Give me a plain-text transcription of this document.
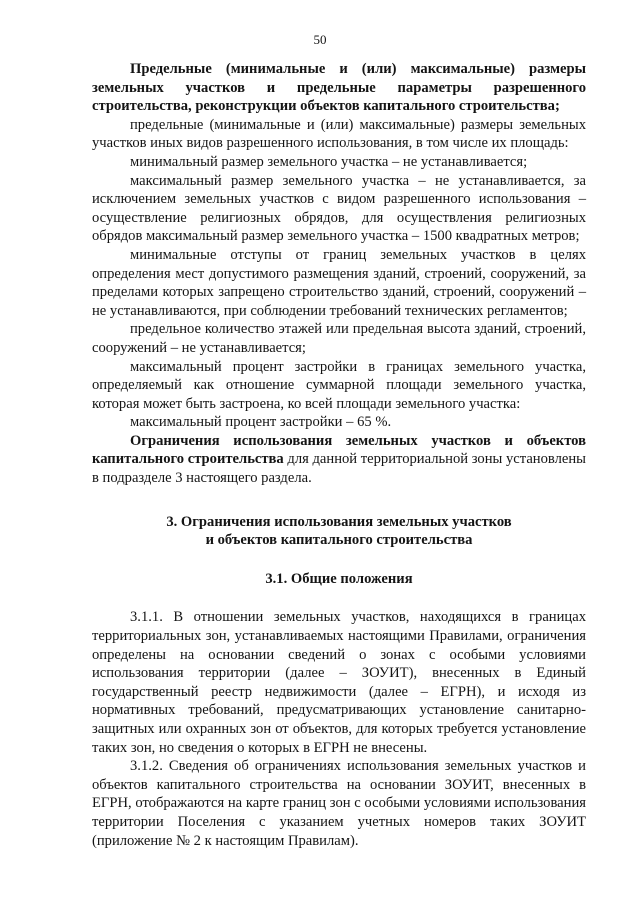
50

Предельные (минимальные и (или) максимальные) размеры земельных участков и предельные параметры разрешенного строительства, реконструкции объектов капитального строительства;

предельные (минимальные и (или) максимальные) размеры земельных участков иных видов разрешенного использования, в том числе их площадь:

минимальный размер земельного участка – не устанавливается;

максимальный размер земельного участка – не устанавливается, за исключением земельных участков с видом разрешенного использования – осуществление религиозных обрядов, для осуществления религиозных обрядов максимальный размер земельного участка – 1500 квадратных метров;

минимальные отступы от границ земельных участков в целях определения мест допустимого размещения зданий, строений, сооружений, за пределами которых запрещено строительство зданий, строений, сооружений – не устанавливаются, при соблюдении требований технических регламентов;

предельное количество этажей или предельная высота зданий, строений, сооружений – не устанавливается;

максимальный процент застройки в границах земельного участка, определяемый как отношение суммарной площади земельного участка, которая может быть застроена, ко всей площади земельного участка:

максимальный процент застройки – 65 %.

Ограничения использования земельных участков и объектов капитального строительства для данной территориальной зоны установлены в подразделе 3 настоящего раздела.

3. Ограничения использования земельных участков
и объектов капитального строительства

3.1. Общие положения

3.1.1. В отношении земельных участков, находящихся в границах территориальных зон, устанавливаемых настоящими Правилами, ограничения определены на основании сведений о зонах с особыми условиями использования территории (далее – ЗОУИТ), внесенных в Единый государственный реестр недвижимости (далее – ЕГРН), и исходя из нормативных требований, предусматривающих установление санитарно-защитных или охранных зон от объектов, для которых требуется установление таких зон, но сведения о которых в ЕГРН не внесены.

3.1.2. Сведения об ограничениях использования земельных участков и объектов капитального строительства на основании ЗОУИТ, внесенных в ЕГРН, отображаются на карте границ зон с особыми условиями использования территории Поселения с указанием учетных номеров таких ЗОУИТ (приложение № 2 к настоящим Правилам).
